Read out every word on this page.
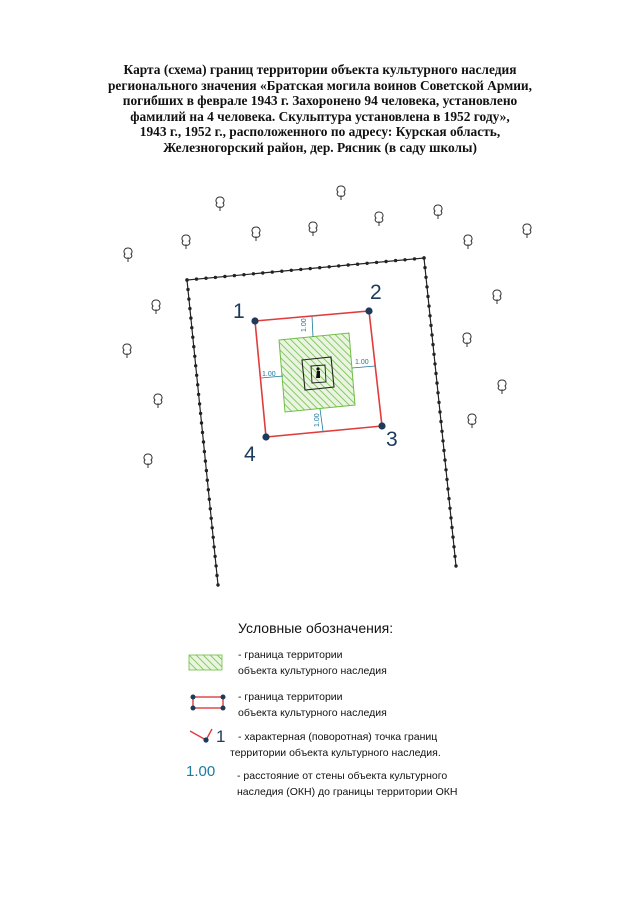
Карта (схема) границ территории объекта культурного наследия
регионального значения «Братская могила воинов Советской Армии,
погибших в феврале 1943 г. Захоронено 94 человека, установлено
фамилий на 4 человека. Скульптура установлена в 1952 году»,
1943 г., 1952 г., расположенного по адресу: Курская область,
Железногорский район, дер. Рясник (в саду школы)
1.00
1.00
1.00
1.00
1
2
3
4
1
1.00
Условные обозначения:
- граница территории
объекта культурного наследия
- граница территории
объекта культурного наследия
- характерная (поворотная) точка границ
территории объекта культурного наследия.
- расстояние от стены объекта культурного
наследия (ОКН) до границы территории ОКН
